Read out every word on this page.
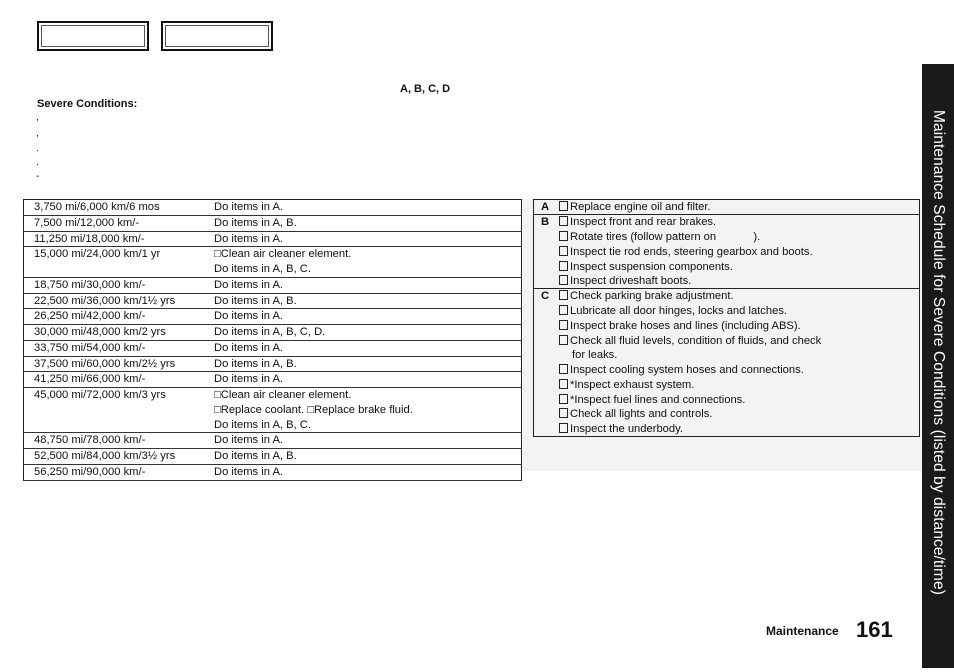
A, B, C, D
Severe Conditions:
,
,
.
.
-
3,750 mi/6,000 km/6 mos	Do items in A.
7,500 mi/12,000 km/-	Do items in A, B.
11,250 mi/18,000 km/-	Do items in A.
15,000 mi/24,000 km/1 yr	□Clean air cleaner element.
	Do items in A, B, C.
18,750 mi/30,000 km/-	Do items in A.
22,500 mi/36,000 km/1½ yrs	Do items in A, B.
26,250 mi/42,000 km/-	Do items in A.
30,000 mi/48,000 km/2 yrs	Do items in A, B, C, D.
33,750 mi/54,000 km/-	Do items in A.
37,500 mi/60,000 km/2½ yrs	Do items in A, B.
41,250 mi/66,000 km/-	Do items in A.
45,000 mi/72,000 km/3 yrs	□Clean air cleaner element.
	□Replace coolant. □Replace brake fluid.
	Do items in A, B, C.
48,750 mi/78,000 km/-	Do items in A.
52,500 mi/84,000 km/3½ yrs	Do items in A, B.
56,250 mi/90,000 km/-	Do items in A.
A	Replace engine oil and filter.
B	Inspect front and rear brakes.
Rotate tires (follow pattern on            ).
Inspect tie rod ends, steering gearbox and boots.
Inspect suspension components.
Inspect driveshaft boots.
C	Check parking brake adjustment.
Lubricate all door hinges, locks and latches.
Inspect brake hoses and lines (including ABS).
Check all fluid levels, condition of fluids, and check
for leaks.
Inspect cooling system hoses and connections.
*Inspect exhaust system.
*Inspect fuel lines and connections.
Check all lights and controls.
Inspect the underbody.	Maintenance Schedule for Severe Conditions (listed by distance/time)
Maintenance 161
